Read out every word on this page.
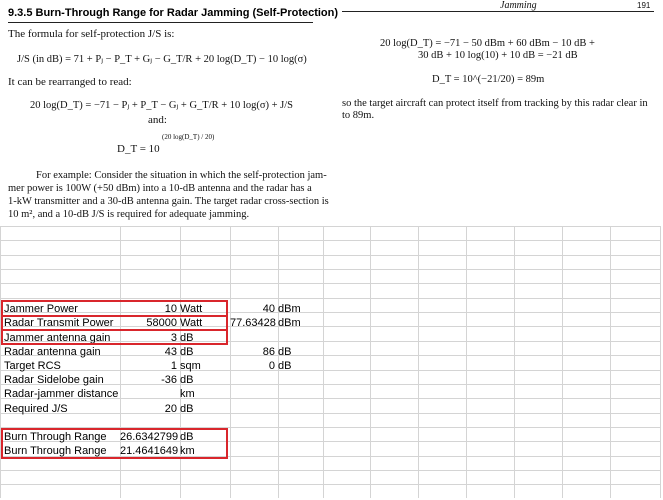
9.3.5 Burn-Through Range for Radar Jamming (Self-Protection)
Jamming	191
The formula for self-protection J/S is:
J/S (in dB) = 71 + Pⱼ − P_T + Gⱼ − G_T/R + 20 log(D_T) − 10 log(σ)
It can be rearranged to read:
20 log(D_T) = −71 − Pⱼ + P_T − Gⱼ + G_T/R + 10 log(σ) + J/S
and:
D_T = 10
(20 log(D_T) / 20)
For example: Consider the situation in which the self-protection jam-
mer power is 100W (+50 dBm) into a 10-dB antenna and the radar has a
1-kW transmitter and a 30-dB antenna gain. The target radar cross-section is
10 m², and a 10-dB J/S is required for adequate jamming.
20 log(D_T) = −71 − 50 dBm + 60 dBm − 10 dB +
30 dB + 10 log(10) + 10 dB = −21 dB
D_T = 10^(−21/20) = 89m
so the target aircraft can protect itself from tracking by this radar clear in
to 89m.
Jammer Power	10 Watt	40 dBm
Radar Transmit Power	58000 Watt	77.63428 dBm
Jammer antenna gain	3 dB
Radar antenna gain	43 dB	86 dB
Target RCS	1 sqm	0 dB
Radar Sidelobe gain	-36 dB
Radar-jammer distance	km
Required J/S	20 dB
Burn Through Range 26.6342799 dB
Burn Through Range 21.4641649 km
